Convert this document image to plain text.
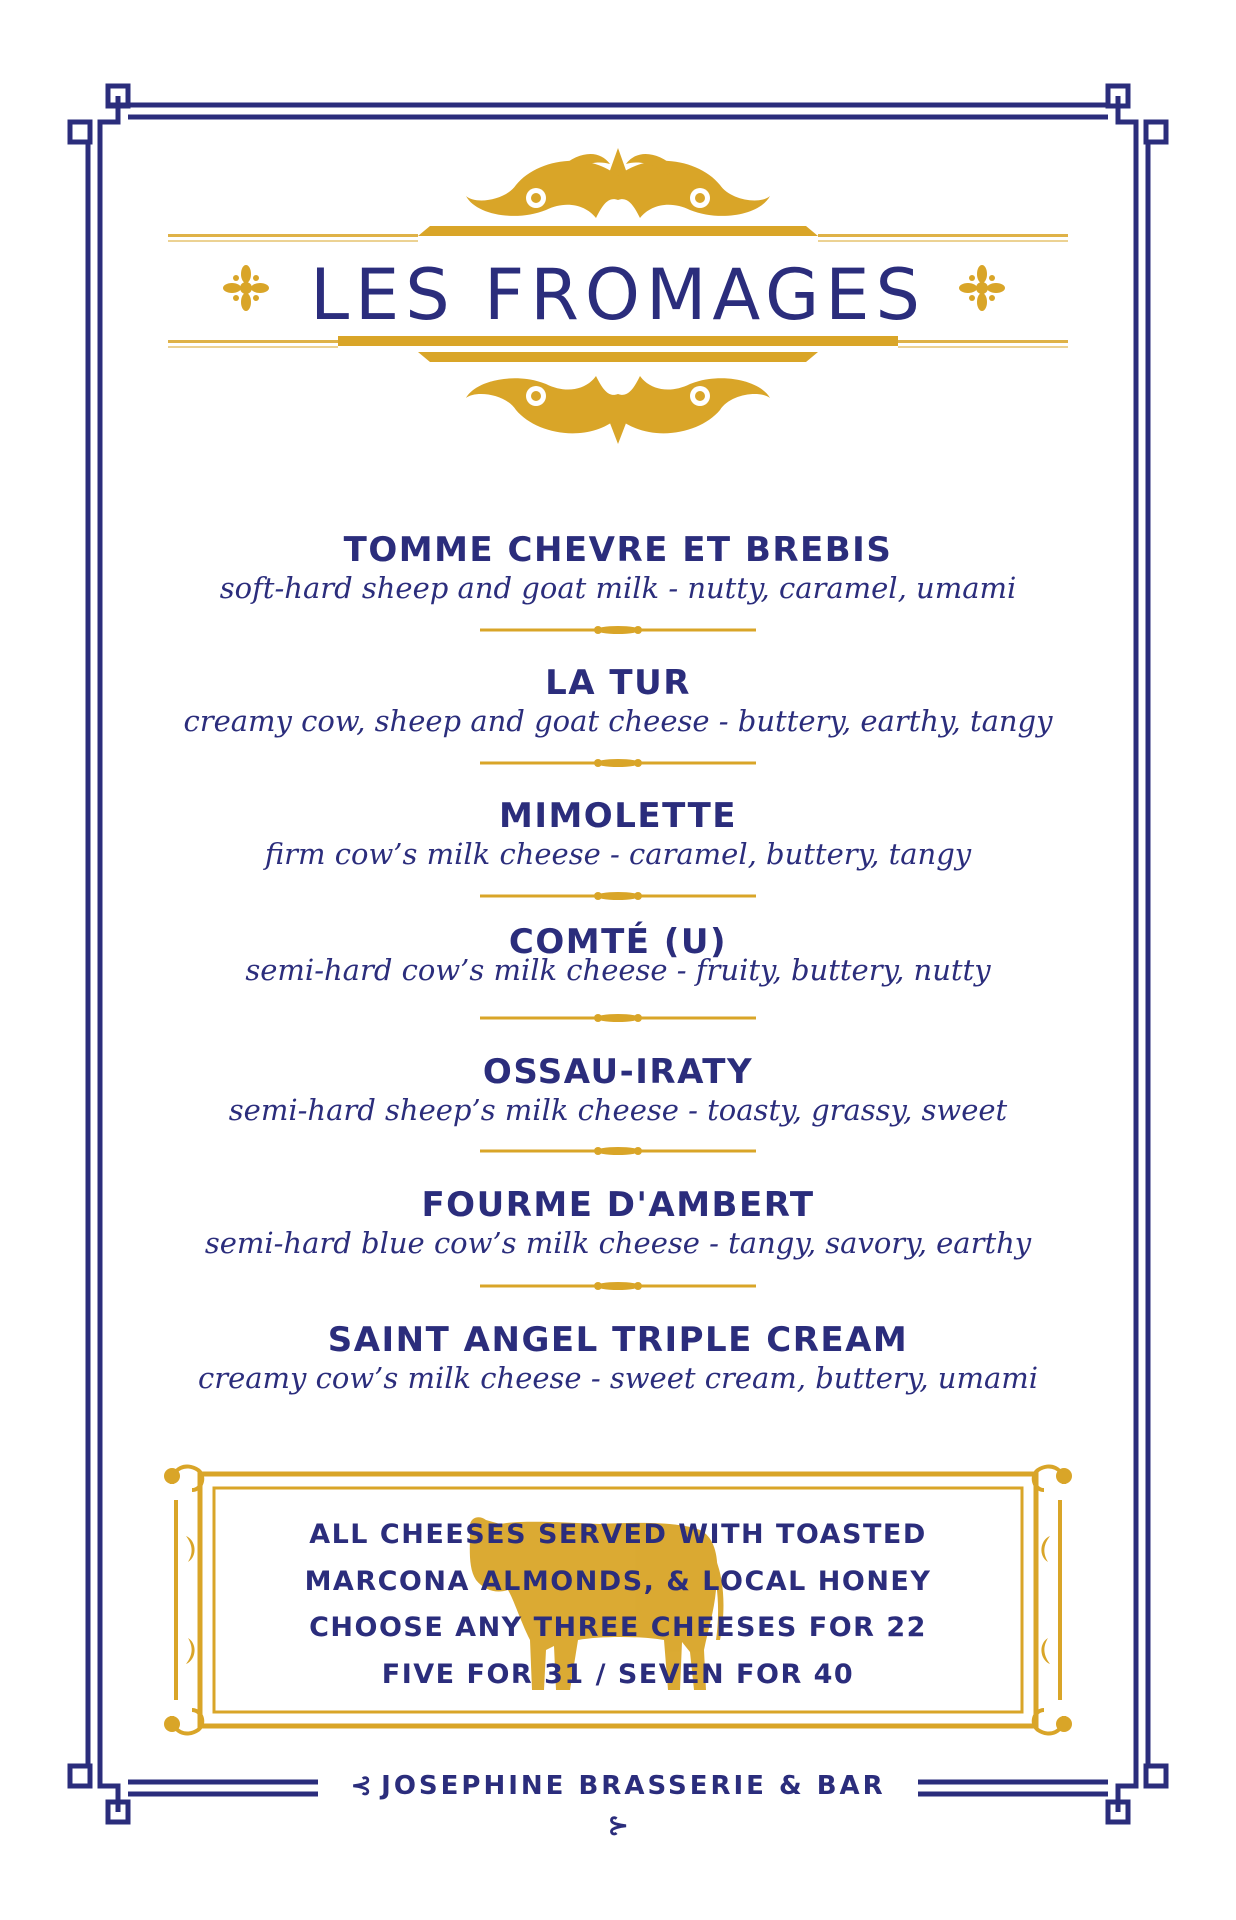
LES FROMAGES
TOMME CHEVRE ET BREBIS
soft-hard sheep and goat milk - nutty, caramel, umami
LA TUR
creamy cow, sheep and goat cheese - buttery, earthy, tangy
MIMOLETTE
firm cow’s milk cheese - caramel, buttery, tangy
COMTÉ (U)
semi-hard cow’s milk cheese - fruity, buttery, nutty
OSSAU-IRATY
semi-hard sheep’s milk cheese - toasty, grassy, sweet
FOURME D'AMBERT
semi-hard blue cow’s milk cheese - tangy, savory, earthy
SAINT ANGEL TRIPLE CREAM
creamy cow’s milk cheese - sweet cream, buttery, umami
ALL CHEESES SERVED WITH TOASTED
MARCONA ALMONDS, & LOCAL HONEY
CHOOSE ANY THREE CHEESES FOR 22
FIVE FOR 31 / SEVEN FOR 40
⊰ JOSEPHINE BRASSERIE & BAR ⊱
